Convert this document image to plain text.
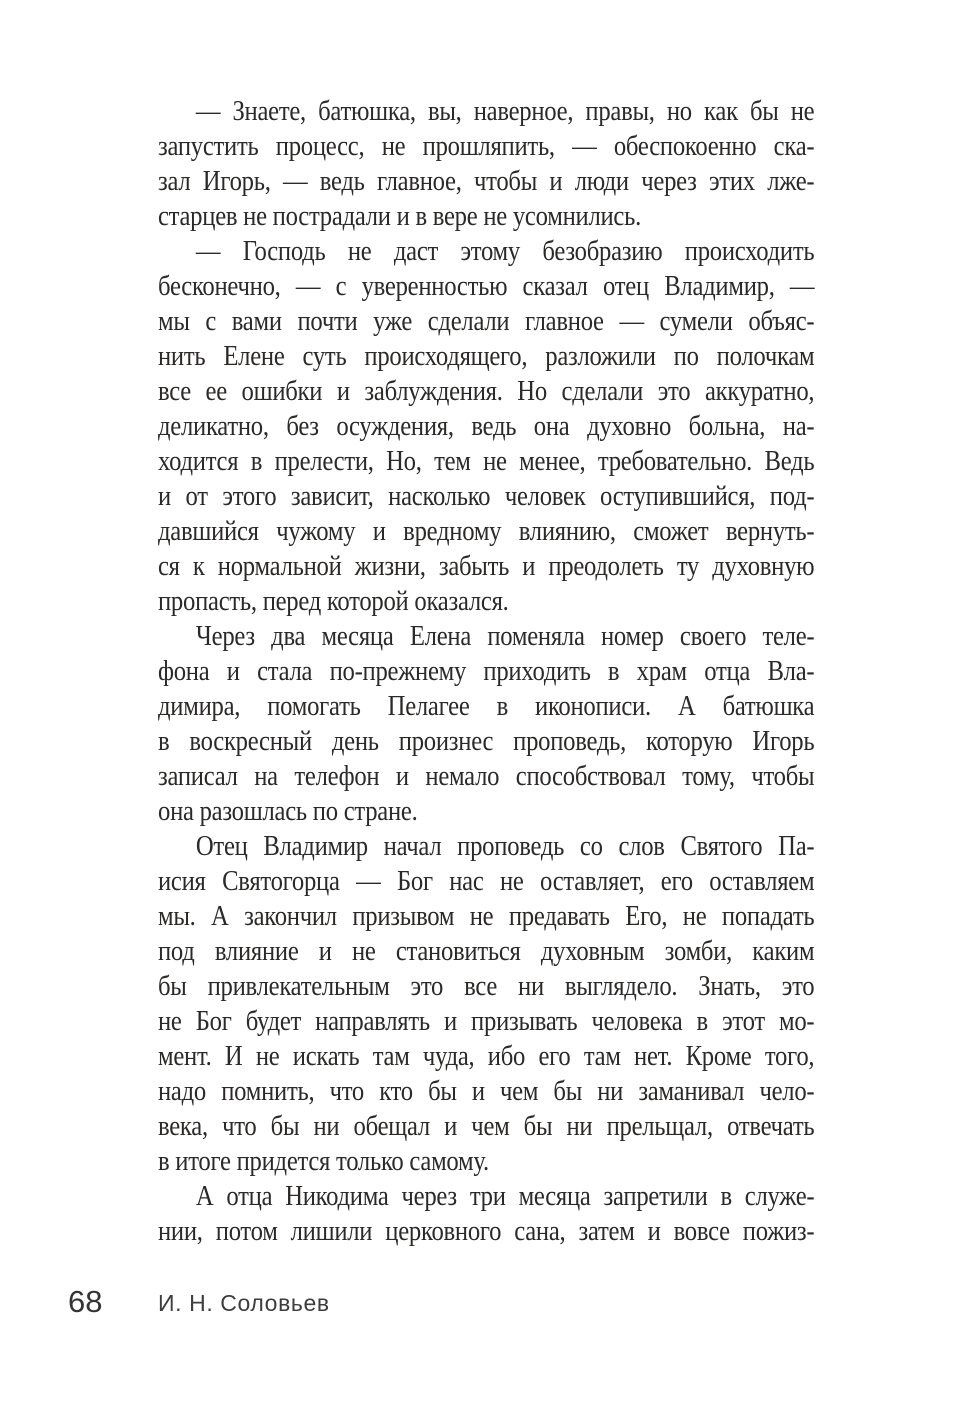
— Знаете, батюшка, вы, наверное, правы, но как бы не
запустить процесс, не прошляпить, — обеспокоенно ска-
зал Игорь, — ведь главное, чтобы и люди через этих лже-
старцев не пострадали и в вере не усомнились.
— Господь не даст этому безобразию происходить
бесконечно, — с уверенностью сказал отец Владимир, —
мы с вами почти уже сделали главное — сумели объяс-
нить Елене суть происходящего, разложили по полочкам
все ее ошибки и заблуждения. Но сделали это аккуратно,
деликатно, без осуждения, ведь она духовно больна, на-
ходится в прелести, Но, тем не менее, требовательно. Ведь
и от этого зависит, насколько человек оступившийся, под-
давшийся чужому и вредному влиянию, сможет вернуть-
ся к нормальной жизни, забыть и преодолеть ту духовную
пропасть, перед которой оказался.
Через два месяца Елена поменяла номер своего теле-
фона и стала по-прежнему приходить в храм отца Вла-
димира, помогать Пелагее в иконописи. А батюшка
в воскресный день произнес проповедь, которую Игорь
записал на телефон и немало способствовал тому, чтобы
она разошлась по стране.
Отец Владимир начал проповедь со слов Святого Па-
исия Святогорца — Бог нас не оставляет, его оставляем
мы. А закончил призывом не предавать Его, не попадать
под влияние и не становиться духовным зомби, каким
бы привлекательным это все ни выглядело. Знать, это
не Бог будет направлять и призывать человека в этот мо-
мент. И не искать там чуда, ибо его там нет. Кроме того,
надо помнить, что кто бы и чем бы ни заманивал чело-
века, что бы ни обещал и чем бы ни прельщал, отвечать
в итоге придется только самому.
А отца Никодима через три месяца запретили в служе-
нии, потом лишили церковного сана, затем и вовсе пожиз-
68 И. Н. Соловьев
